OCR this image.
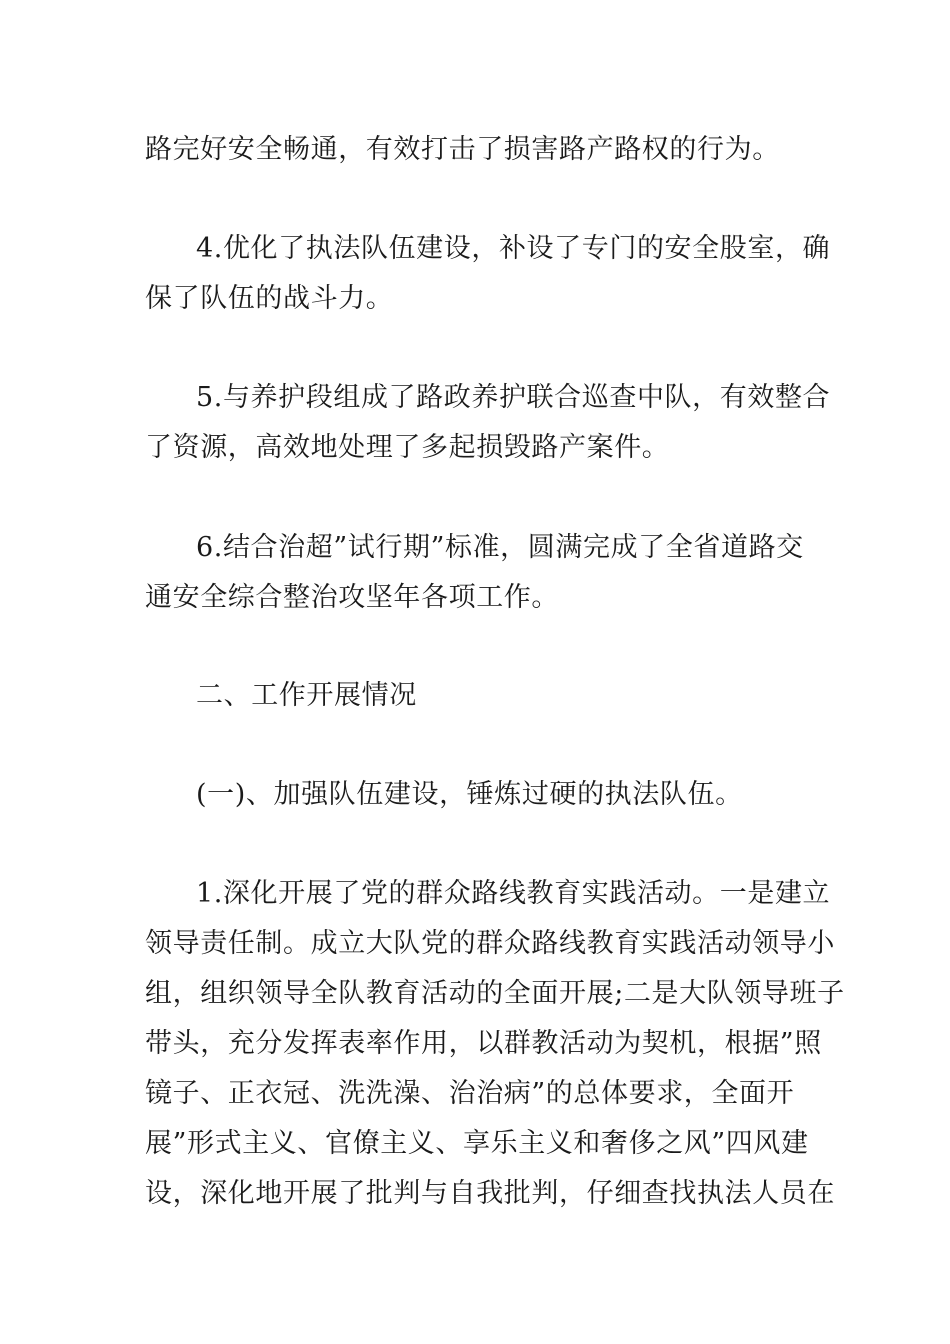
路完好安全畅通，有效打击了损害路产路权的行为。
4.优化了执法队伍建设，补设了专门的安全股室，确
保了队伍的战斗力。
5.与养护段组成了路政养护联合巡查中队，有效整合
了资源，高效地处理了多起损毁路产案件。
6.结合治超”试行期”标准，圆满完成了全省道路交
通安全综合整治攻坚年各项工作。
二、工作开展情况
(一)、加强队伍建设，锤炼过硬的执法队伍。
1.深化开展了党的群众路线教育实践活动。一是建立
领导责任制。成立大队党的群众路线教育实践活动领导小
组，组织领导全队教育活动的全面开展;二是大队领导班子
带头，充分发挥表率作用，以群教活动为契机，根据”照
镜子、正衣冠、洗洗澡、治治病”的总体要求，全面开
展”形式主义、官僚主义、享乐主义和奢侈之风”四风建
设，深化地开展了批判与自我批判，仔细查找执法人员在
